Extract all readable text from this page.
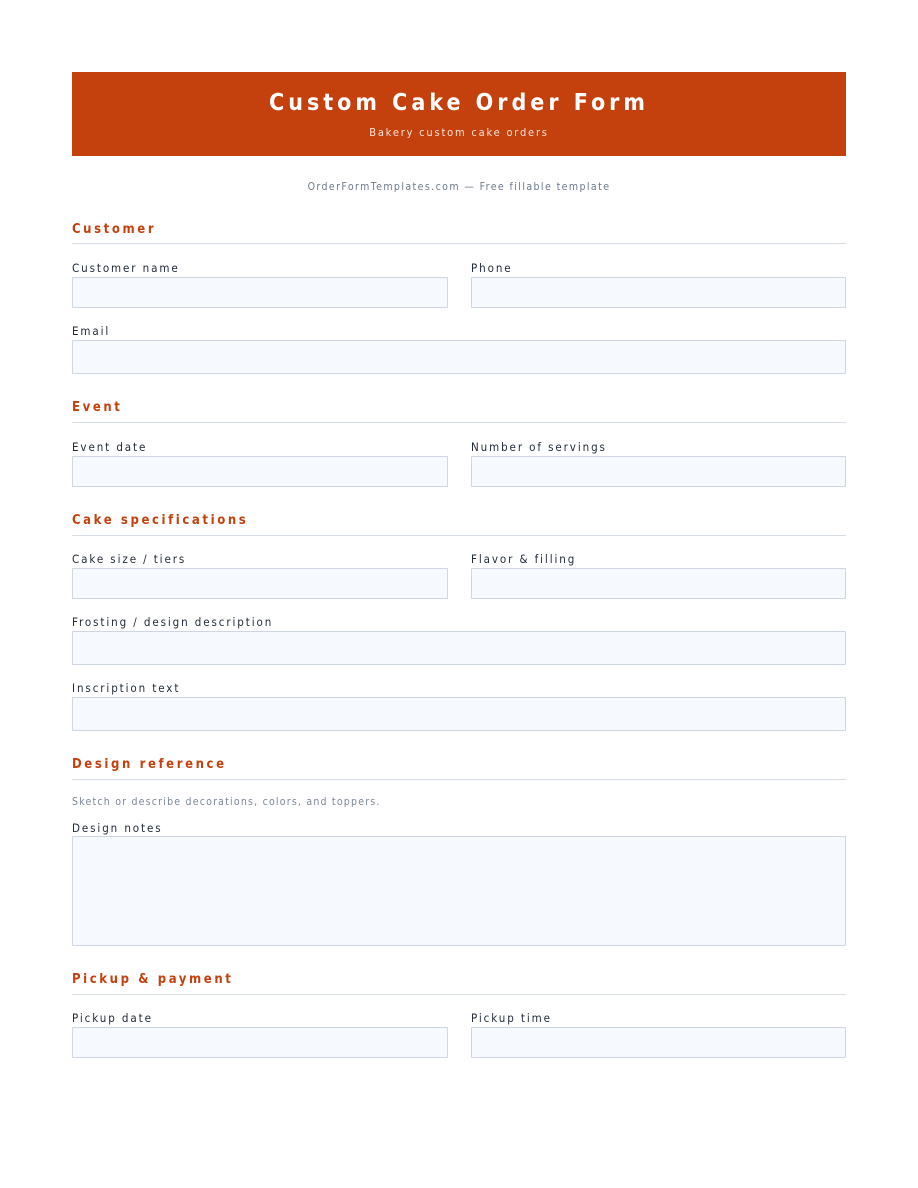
Custom Cake Order Form
Bakery custom cake orders
OrderFormTemplates.com — Free fillable template
Customer
Customer name	Phone
Email
Event
Event date	Number of servings
Cake specifications
Cake size / tiers	Flavor & filling
Frosting / design description
Inscription text
Design reference
Sketch or describe decorations, colors, and toppers.
Design notes
Pickup & payment
Pickup date	Pickup time
